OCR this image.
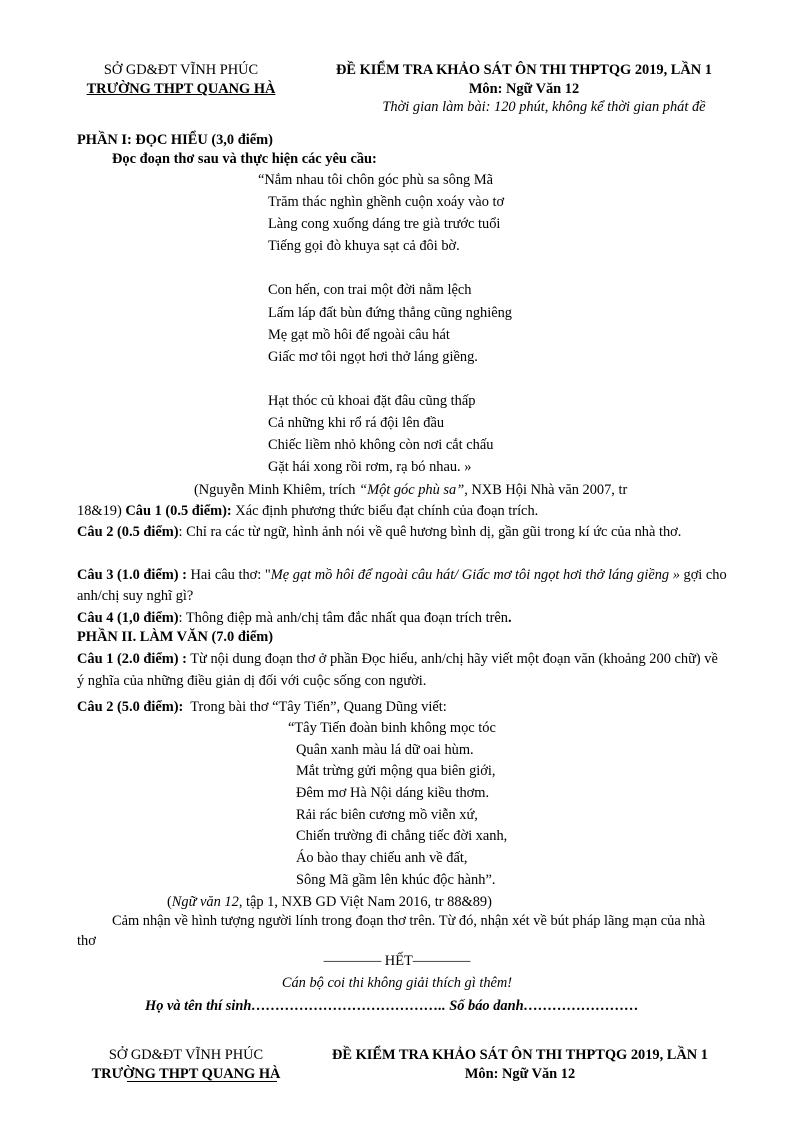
SỞ GD&ĐT VĨNH PHÚC
TRƯỜNG THPT QUANG HÀ
ĐỀ KIỂM TRA KHẢO SÁT ÔN THI THPTQG 2019, LẦN 1
Môn: Ngữ Văn 12
Thời gian làm bài: 120 phút, không kể thời gian phát đề
PHẦN I: ĐỌC HIỂU (3,0 điểm)
Đọc đoạn thơ sau và thực hiện các yêu cầu:
“Nắm nhau tôi chôn góc phù sa sông Mã
Trăm thác nghìn ghềnh cuộn xoáy vào tơ
Làng cong xuống dáng tre già trước tuổi
Tiếng gọi đò khuya sạt cả đôi bờ.
Con hến, con trai một đời nằm lệch
Lấm láp đất bùn đứng thẳng cũng nghiêng
Mẹ gạt mồ hôi để ngoài câu hát
Giấc mơ tôi ngọt hơi thở láng giềng.
Hạt thóc củ khoai đặt đâu cũng thấp
Cả những khi rổ rá đội lên đầu
Chiếc liềm nhỏ không còn nơi cắt chấu
Gặt hái xong rồi rơm, rạ bó nhau. »
(Nguyễn Minh Khiêm, trích “Một góc phù sa”, NXB Hội Nhà văn 2007, tr
18&19) Câu 1 (0.5 điểm): Xác định phương thức biểu đạt chính của đoạn trích.
Câu 2 (0.5 điểm): Chỉ ra các từ ngữ, hình ảnh nói về quê hương bình dị, gần gũi trong kí ức của nhà thơ.
Câu 3 (1.0 điểm) : Hai câu thơ: "Mẹ gạt mồ hôi để ngoài câu hát/ Giấc mơ tôi ngọt hơi thở láng giềng » gợi cho anh/chị suy nghĩ gì?
Câu 4 (1,0 điểm): Thông điệp mà anh/chị tâm đắc nhất qua đoạn trích trên.
PHẦN II. LÀM VĂN (7.0 điểm)
Câu 1 (2.0 điểm) : Từ nội dung đoạn thơ ở phần Đọc hiểu, anh/chị hãy viết một đoạn văn (khoảng 200 chữ) về ý nghĩa của những điều giản dị đối với cuộc sống con người.
Câu 2 (5.0 điểm):  Trong bài thơ “Tây Tiến”, Quang Dũng viết:
“Tây Tiến đoàn binh không mọc tóc
Quân xanh màu lá dữ oai hùm.
Mắt trừng gửi mộng qua biên giới,
Đêm mơ Hà Nội dáng kiều thơm.
Rải rác biên cương mồ viễn xứ,
Chiến trường đi chẳng tiếc đời xanh,
Áo bào thay chiếu anh về đất,
Sông Mã gầm lên khúc độc hành”.
(Ngữ văn 12, tập 1, NXB GD Việt Nam 2016, tr 88&89)
Cảm nhận về hình tượng người lính trong đoạn thơ trên. Từ đó, nhận xét về bút pháp lãng mạn của nhà thơ
———— HẾT————
Cán bộ coi thi không giải thích gì thêm!
Họ và tên thí sinh………………………………….. Số báo danh……………………
SỞ GD&ĐT VĨNH PHÚC
TRƯỜNG THPT QUANG HÀ
ĐỀ KIỂM TRA KHẢO SÁT ÔN THI THPTQG 2019, LẦN 1
Môn: Ngữ Văn 12
